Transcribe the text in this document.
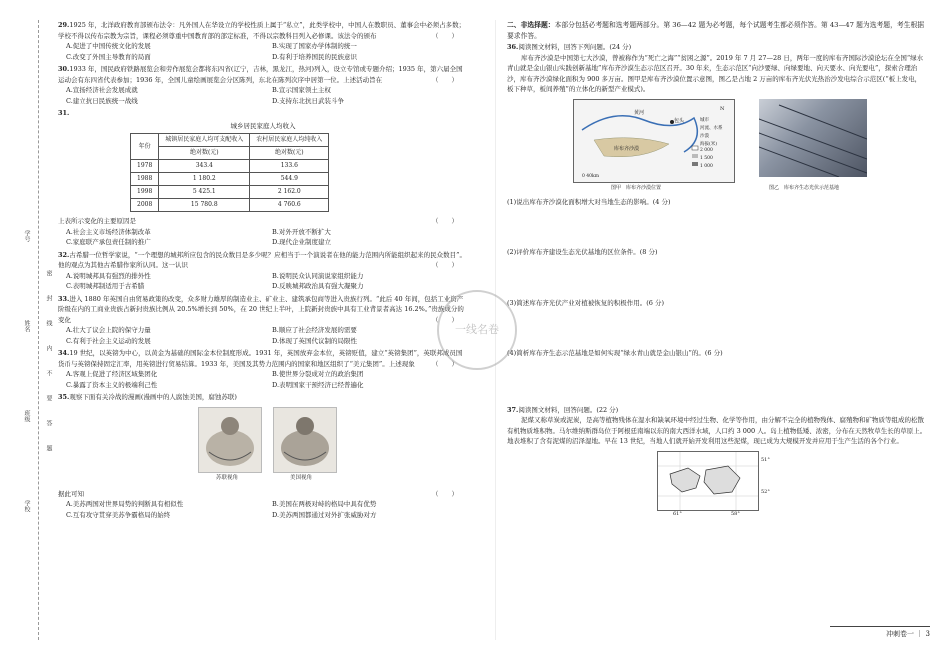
学号
姓名
班级
学校
密
封
线
内
不
要
答
题
29.1925 年，北洋政府教育部颁布法令：凡外国人在华设立的学校性质上属于“私立”，此类学校中，中国人在教职员、董事会中必须占多数；学校不得以传布宗教为宗旨，课程必须尊重中国教育部的部定标准，不得以宗教科目列入必修课。该法令的颁布	（　　）
A.促进了中国传统文化的发展	B.实现了国家办学体制的统一
C.改变了外国主导教育的局面	D.有利于培养国民的民族意识
30.1933 年，国民政府铁路展览会和劳作展览会都将东四省(辽宁，吉林，黑龙江，热河)列入，设立专馆或专题介绍；1935 年，第六届全国运动会有东四省代表参加；1936 年，全国儿童绘画展览会分区陈列，东北在陈列次序中居第一位。上述活动旨在	（　　）
A.宣扬经济社会发展成就	B.宣示国家领土主权
C.建立抗日民族统一战线	D.支持东北抗日武装斗争
31.
城乡居民家庭人均收入
年份	城镇居民家庭人均可支配收入	农村居民家庭人均纯收入
	绝对数(元)	绝对数(元)
1978	343.4	133.6
1988	1 180.2	544.9
1998	5 425.1	2 162.0
2008	15 780.8	4 760.6
上表所示变化的主要原因是	（　　）
A.社会主义市场经济体制改革	B.对外开放不断扩大
C.家庭联产承包责任制的推广	D.现代企业制度建立
32.古希腊一位哲学家说，“一个理想的城邦所应包含的民众数目是多少呢？应相当于一个演说者在他的能力范围内所能组织起来的民众数目”。他的观点为其他古希腊作家所认同。这一认识	（　　）
A.说明城邦具有强烈的排外性	B.说明民众认同演说家组织能力
C.表明城邦制适用于古希腊	D.反映城邦政治具有强大凝聚力
33.进入 1880 年英国自由贸易政策的改变，众多财力雄厚的制造业主、矿业主、建筑承包商等进入贵族行列。“此后 40 年间，包括工业资产阶级在内的工商业贵族占新封贵族比例从 20.5%增长到 50%，在 20 世纪上半叶，上院新封贵族中具有工业背景者高达 16.2%。”贵族成分的变化	（　　）
A.壮大了议会上院的保守力量	B.顺应了社会经济发展的需要
C.有利于社会主义运动的发展	D.体现了英国代议制的局限性
34.19 世纪，以英镑为中心，以黄金为基础的国际金本位制度形成。1931 年，英国放弃金本位，英镑贬值，建立“英镑集团”，英联邦成员国货币与英镑保持固定汇率，用英镑进行贸易结算。1933 年，美国及其势力范围内的国家和地区组织了“美元集团”。上述现象	（　　）
A.客观上促进了经济区域集团化	B.使世界分裂成对立的政治集团
C.暴露了资本主义的极端利己性	D.表明国家干预经济已经普遍化
35.观察下面有关冷战的漫画(漫画中的人腐蚀美国，腐蚀苏联)
苏联视角	美国视角
据此可知	（　　）
A.美苏两国对世界局势的判断具有相似性	B.美国在两极对峙的格局中具有优势
C.互有攻守贯穿美苏争霸格局的始终	D.美苏两国都通过对外扩张威胁对方
二、非选择题：本部分包括必考题和选考题两部分。第 36—42 题为必考题，每个试题考生都必须作答。第 43—47 题为选考题，考生根据要求作答。
36.阅读图文材料，回答下列问题。(24 分)
库布齐沙漠是中国第七大沙漠，曾被称作为“死亡之海”“贫困之源”。2019 年 7 月 27—28 日，两年一度的库布齐国际沙漠论坛在全国“绿水青山就是金山银山实践创新基地”库布齐沙漠生态示范区召开。30 年来，生态示范区“向沙要绿、向绿要地、向天要水、向光要电”，探索合理治沙，库布齐沙漠绿化面积为 900 多万亩。图甲是库布齐沙漠位置示意图，图乙是占地 2 万亩的库布齐光伏光热治沙发电综合示范区(“板上发电，板下种草，板间养殖”的立体化的新型产业模式)。
黄河
库布齐沙漠
包头
N
城市
河流、水系
沙漠
海拔(米)
2 000
1 500
1 000
0 40km
图甲　库布齐沙漠位置	图乙　库布齐生态光伏示范基地
(1)说出库布齐沙漠化面积增大对当地生态的影响。(4 分)
(2)评价库布齐建设生态光伏基地的区位条件。(8 分)
(3)简述库布齐光伏产业对植被恢复的积极作用。(6 分)
(4)简析库布齐生态示范基地是如何实现“绿水青山就是金山银山”的。(6 分)
37.阅读图文材料，回答问题。(22 分)
泥煤又称草炭或泥炭，是高等植物残体在湿水和缺氧环境中经过生物、化学等作用，由分解不完全的植物残体、腐殖物和矿物质等组成的松散有机物质堆积物。马尔维纳斯群岛位于阿根廷南端以东的南大西洋水域，人口约 3 000 人。岛上植物低矮、浓密，分布在天然牧草生长的草原上。地表堆积了含有泥煤的沼泽湿地。早在 13 世纪，当地人们就开始开发利用这些泥煤，现已成为大规模开发并应用于生产生活的各个行业。
51°
52°
61°	58°
一线名卷
冲刺卷一 ｜ 3
